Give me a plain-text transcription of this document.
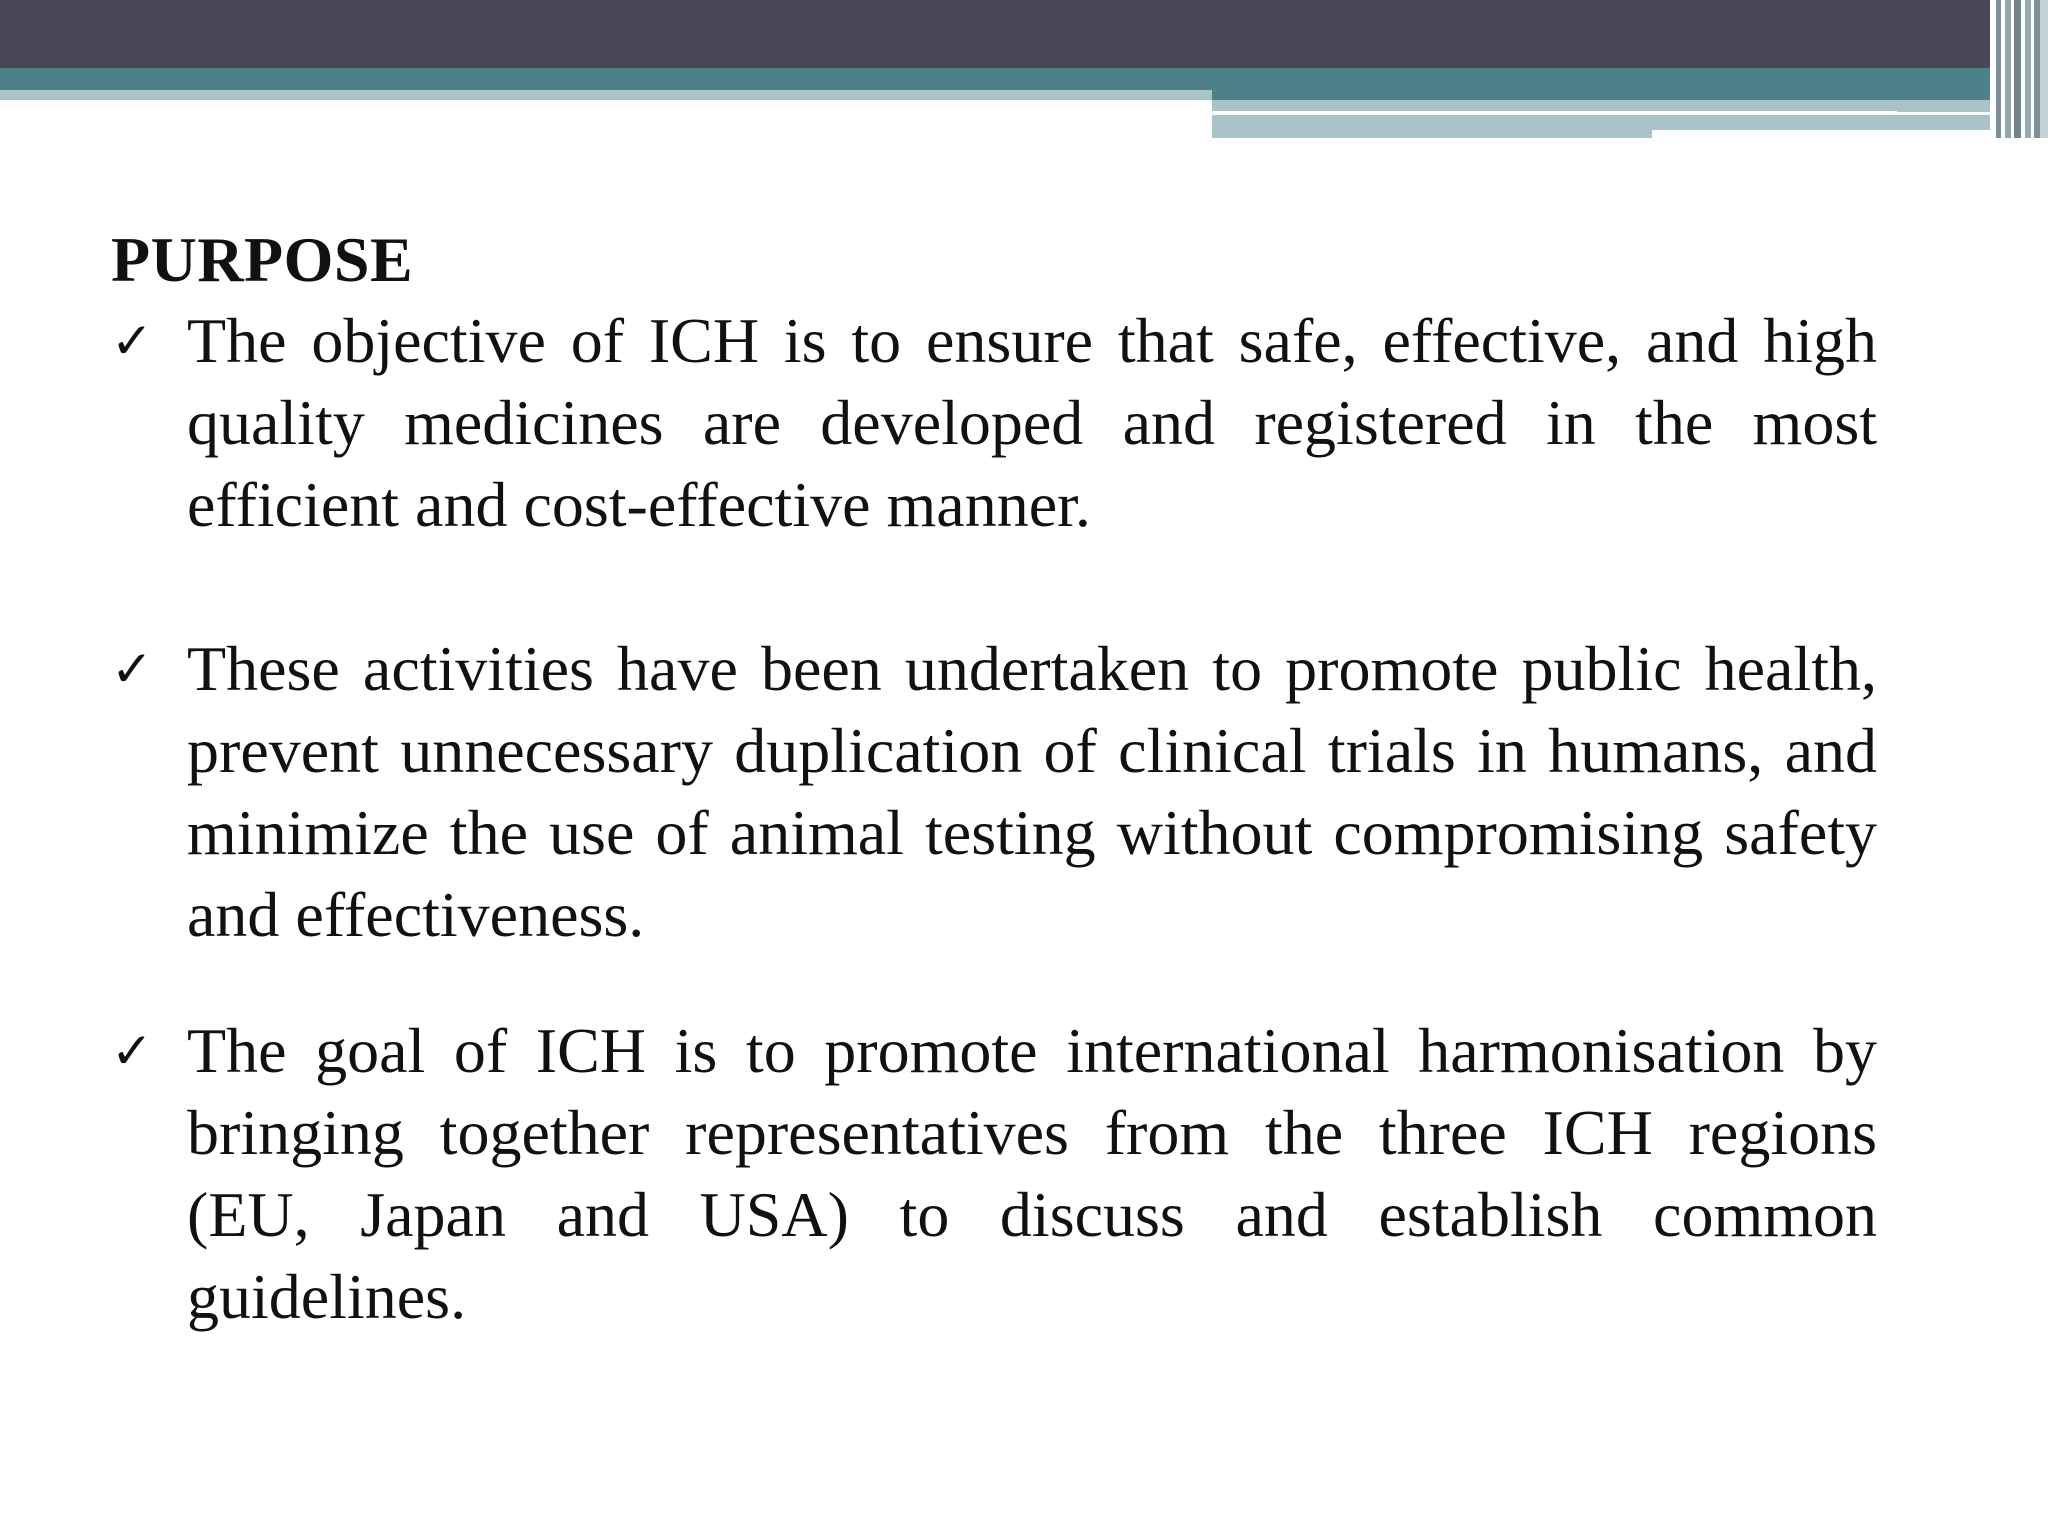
PURPOSE
✓ The objective of ICH is to ensure that safe, effective, and high quality medicines are developed and registered in the most efficient and cost-effective manner.
✓ These activities have been undertaken to promote public health, prevent unnecessary duplication of clinical trials in humans, and minimize the use of animal testing without compromising safety and effectiveness.
✓ The goal of ICH is to promote international harmonisation by bringing together representatives from the three ICH regions (EU, Japan and USA) to discuss and establish common guidelines.
